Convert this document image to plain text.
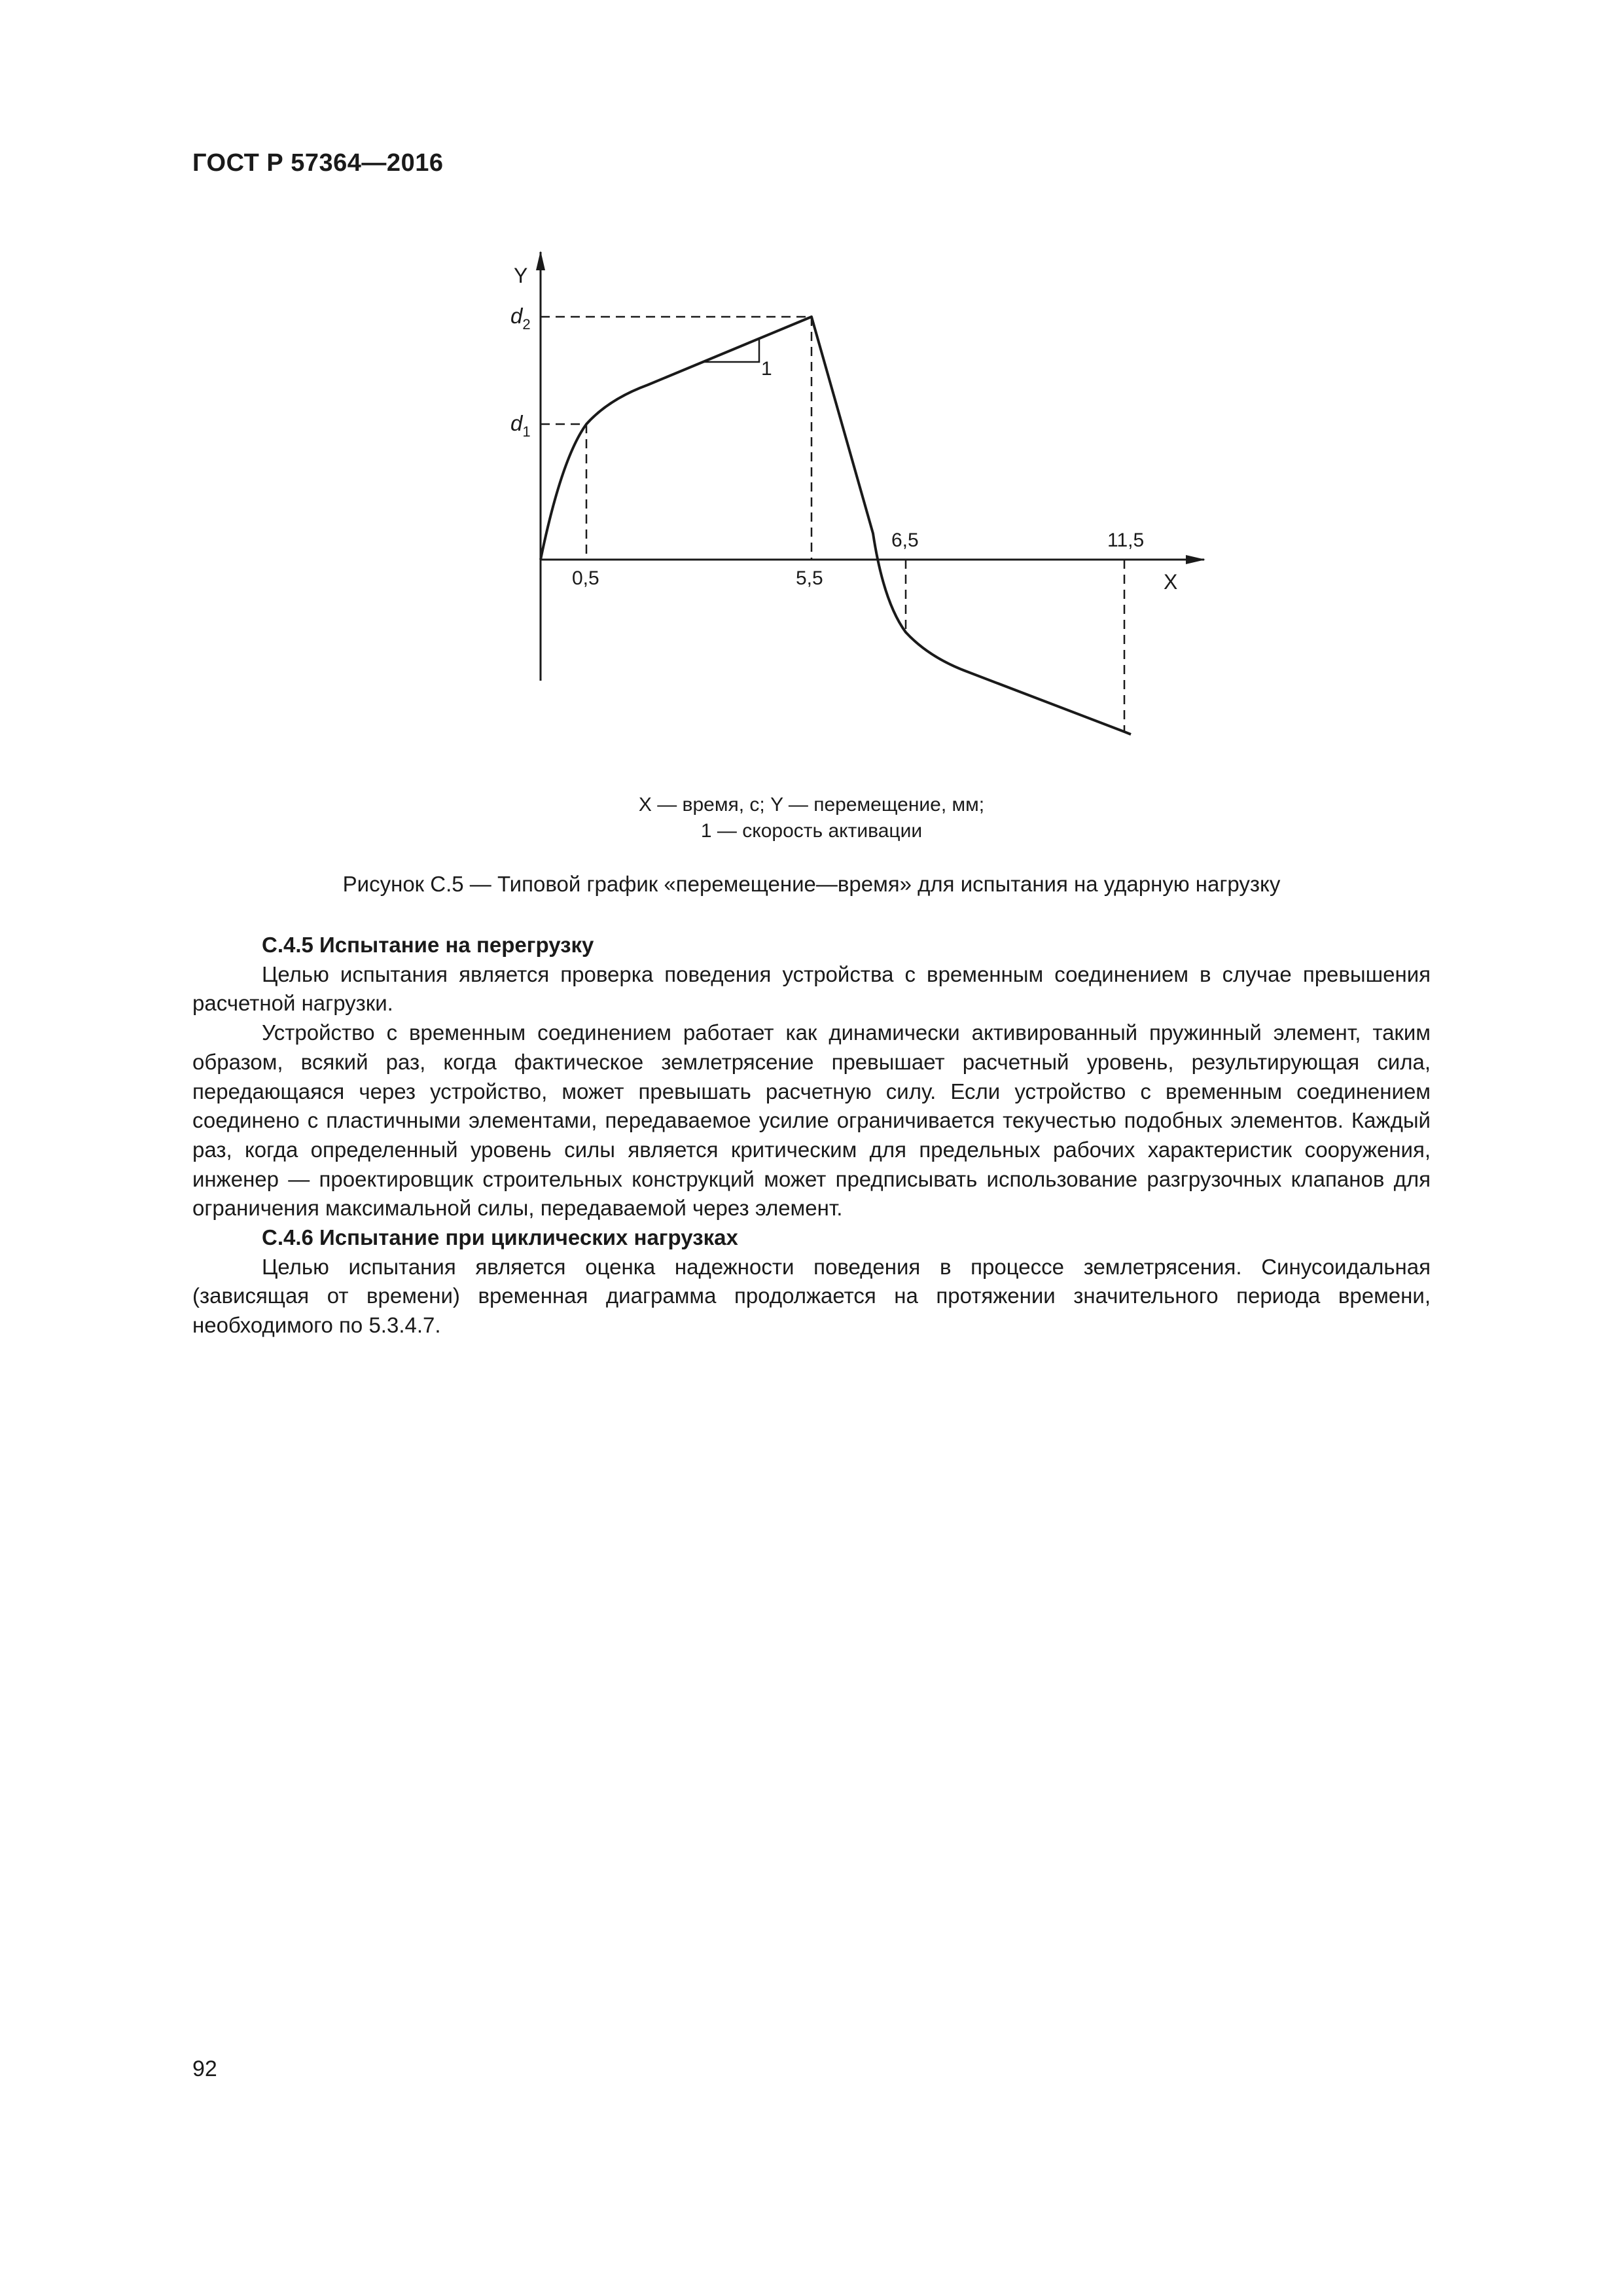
ГОСТ Р 57364—2016
Y
X
$d_2$
$d_1$
0,5	5,5
6,5	11,5
1
X — время, с; Y — перемещение, мм;
1 — скорость активации
Рисунок С.5 — Типовой график «перемещение—время» для испытания на ударную нагрузку
С.4.5 Испытание на перегрузку

Целью испытания является проверка поведения устройства с временным соединением в случае превышения расчетной нагрузки.

Устройство с временным соединением работает как динамически активированный пружинный элемент, таким образом, всякий раз, когда фактическое землетрясение превышает расчетный уровень, результирующая сила, передающаяся через устройство, может превышать расчетную силу. Если устройство с временным соединением соединено с пластичными элементами, передаваемое усилие ограничивается текучестью подобных элементов. Каждый раз, когда определенный уровень силы является критическим для предельных рабочих характеристик сооружения, инженер — проектировщик строительных конструкций может предписывать использование разгрузочных клапанов для ограничения максимальной силы, передаваемой через элемент.

С.4.6 Испытание при циклических нагрузках

Целью испытания является оценка надежности поведения в процессе землетрясения. Синусоидальная (зависящая от времени) временная диаграмма продолжается на протяжении значительного периода времени, необходимого по 5.3.4.7.

92
